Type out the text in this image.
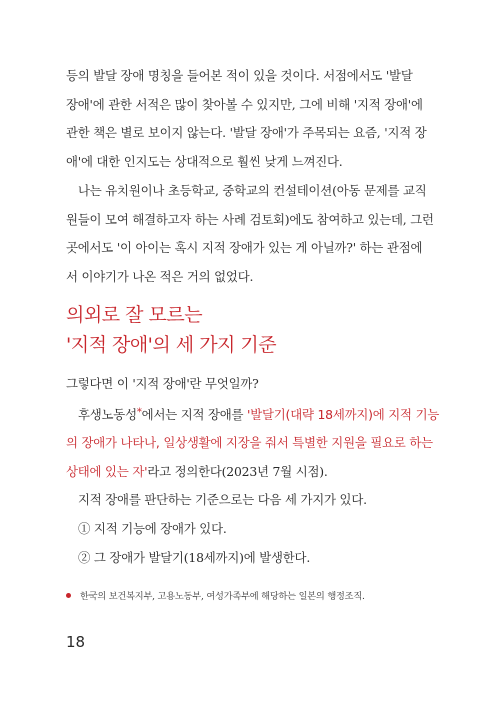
등의 발달 장애 명칭을 들어본 적이 있을 것이다. 서점에서도 '발달
장애'에 관한 서적은 많이 찾아볼 수 있지만, 그에 비해 '지적 장애'에
관한 책은 별로 보이지 않는다. '발달 장애'가 주목되는 요즘, '지적 장
애'에 대한 인지도는 상대적으로 훨씬 낮게 느껴진다.

나는 유치원이나 초등학교, 중학교의 컨설테이션(아동 문제를 교직
원들이 모여 해결하고자 하는 사례 검토회)에도 참여하고 있는데, 그런
곳에서도 '이 아이는 혹시 지적 장애가 있는 게 아닐까?' 하는 관점에
서 이야기가 나온 적은 거의 없었다.

의외로 잘 모르는
'지적 장애'의 세 가지 기준

그렇다면 이 '지적 장애'란 무엇일까?
후생노동성*에서는 지적 장애를 '발달기(대략 18세까지)에 지적 기능
의 장애가 나타나, 일상생활에 지장을 줘서 특별한 지원을 필요로 하는
상태에 있는 자'라고 정의한다(2023년 7월 시점).
지적 장애를 판단하는 기준으로는 다음 세 가지가 있다.
① 지적 기능에 장애가 있다.
② 그 장애가 발달기(18세까지)에 발생한다.

한국의 보건복지부, 고용노동부, 여성가족부에 해당하는 일본의 행정조직.
18
